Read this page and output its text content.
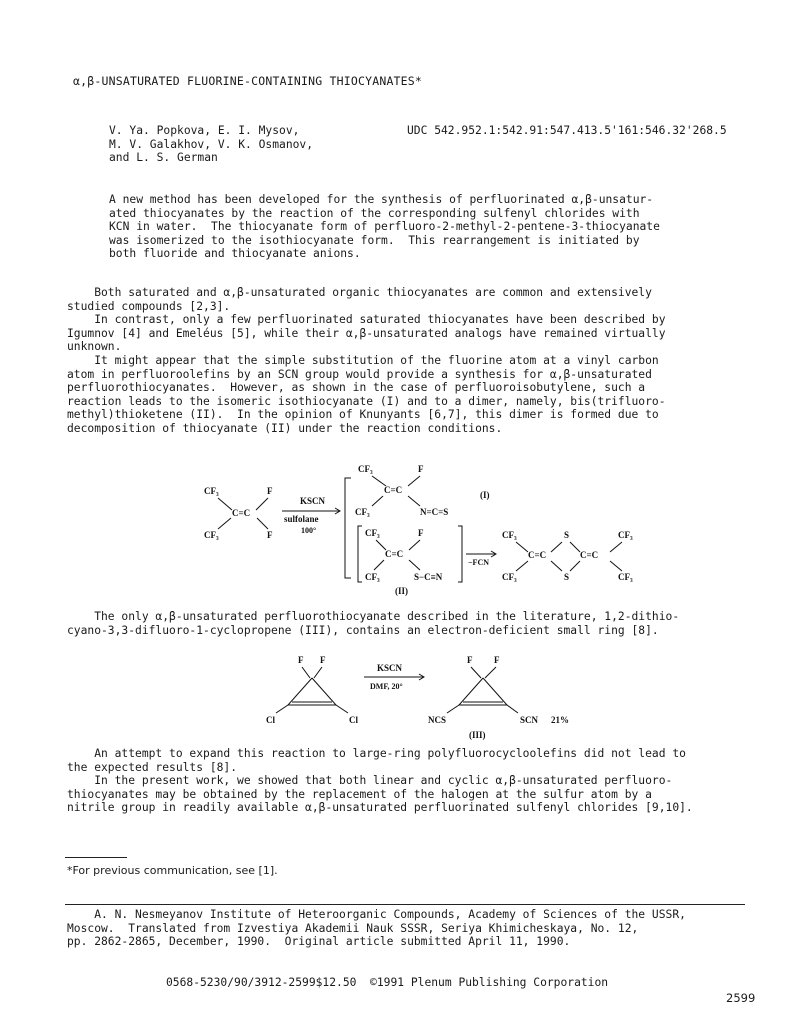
α,β-UNSATURATED FLUORINE-CONTAINING THIOCYANATES*
V. Ya. Popkova, E. I. Mysov,
M. V. Galakhov, V. K. Osmanov,
and L. S. German
UDC 542.952.1:542.91:547.413.5'161:546.32'268.5
A new method has been developed for the synthesis of perfluorinated α,β-unsatur-
ated thiocyanates by the reaction of the corresponding sulfenyl chlorides with
KCN in water.  The thiocyanate form of perfluoro-2-methyl-2-pentene-3-thiocyanate
was isomerized to the isothiocyanate form.  This rearrangement is initiated by
both fluoride and thiocyanate anions.
Both saturated and α,β-unsaturated organic thiocyanates are common and extensively
studied compounds [2,3].
In contrast, only a few perfluorinated saturated thiocyanates have been described by
Igumnov [4] and Emeléus [5], while their α,β-unsaturated analogs have remained virtually
unknown.
It might appear that the simple substitution of the fluorine atom at a vinyl carbon
atom in perfluoroolefins by an SCN group would provide a synthesis for α,β-unsaturated
perfluorothiocyanates.  However, as shown in the case of perfluoroisobutylene, such a
reaction leads to the isomeric isothiocyanate (I) and to a dimer, namely, bis(trifluoro-
methyl)thioketene (II).  In the opinion of Knunyants [6,7], this dimer is formed due to
decomposition of thiocyanate (II) under the reaction conditions.
CF₃	F
C=C
CF₃	F
KSCN
sulfolane
100°
CF₃	F
C=C
CF₃	N=C=S
(I)
CF₃	F
C=C
CF₃	S−C≡N
(II)
−FCN
CF₃	S	CF₃
C=C	C=C
CF₃	S	CF₃
The only α,β-unsaturated perfluorothiocyanate described in the literature, 1,2-dithio-
cyano-3,3-difluoro-1-cyclopropene (III), contains an electron-deficient small ring [8].
F F
Cl	Cl
KSCN
DMF, 20°
F F
NCS	SCN 21%
(III)
An attempt to expand this reaction to large-ring polyfluorocycloolefins did not lead to
the expected results [8].
In the present work, we showed that both linear and cyclic α,β-unsaturated perfluoro-
thiocyanates may be obtained by the replacement of the halogen at the sulfur atom by a
nitrile group in readily available α,β-unsaturated perfluorinated sulfenyl chlorides [9,10].
*For previous communication, see [1].
A. N. Nesmeyanov Institute of Heteroorganic Compounds, Academy of Sciences of the USSR,
Moscow.  Translated from Izvestiya Akademii Nauk SSSR, Seriya Khimicheskaya, No. 12,
pp. 2862-2865, December, 1990.  Original article submitted April 11, 1990.
0568-5230/90/3912-2599$12.50  ©1991 Plenum Publishing Corporation
2599
